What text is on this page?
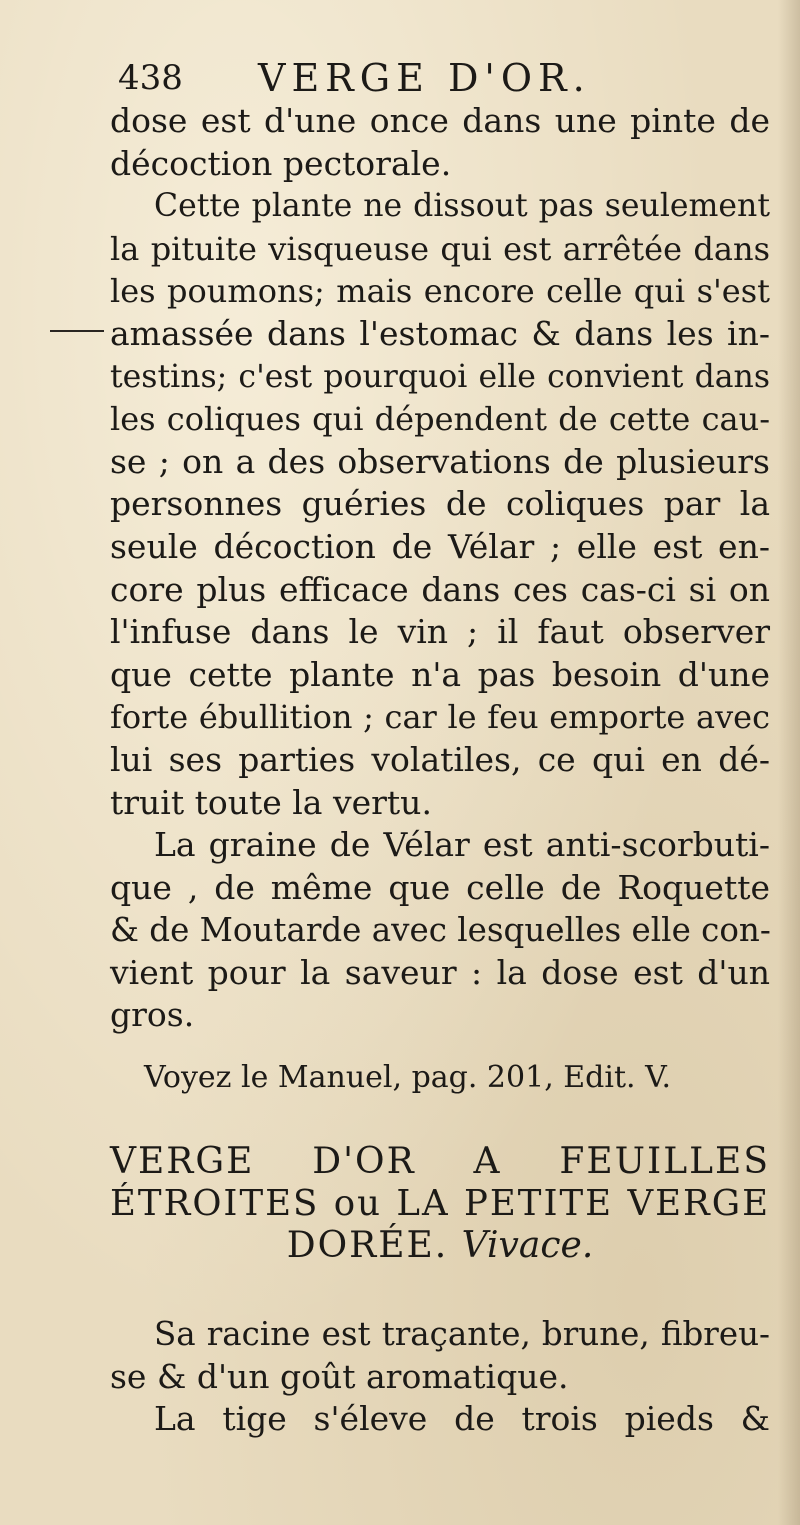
438 VERGE D'OR.
dose est d'une once dans une pinte de
décoction pectorale.
Cette plante ne dissout pas seulement
la pituite visqueuse qui est arrêtée dans
les poumons; mais encore celle qui s'est
amassée dans l'estomac & dans les in-
testins; c'est pourquoi elle convient dans
les coliques qui dépendent de cette cau-
se ; on a des observations de plusieurs
personnes guéries de coliques par la
seule décoction de Vélar ; elle est en-
core plus efficace dans ces cas-ci si on
l'infuse dans le vin ; il faut observer
que cette plante n'a pas besoin d'une
forte ébullition ; car le feu emporte avec
lui ses parties volatiles, ce qui en dé-
truit toute la vertu.
La graine de Vélar est anti-scorbuti-
que , de même que celle de Roquette
& de Moutarde avec lesquelles elle con-
vient pour la saveur : la dose est d'un
gros.
Voyez le Manuel, pag. 201, Edit. V.
VERGE D'OR A FEUILLES
ÉTROITES ou LA PETITE VERGE
DORÉE. Vivace.
Sa racine est traçante, brune, fibreu-
se & d'un goût aromatique.
La tige s'éleve de trois pieds &
